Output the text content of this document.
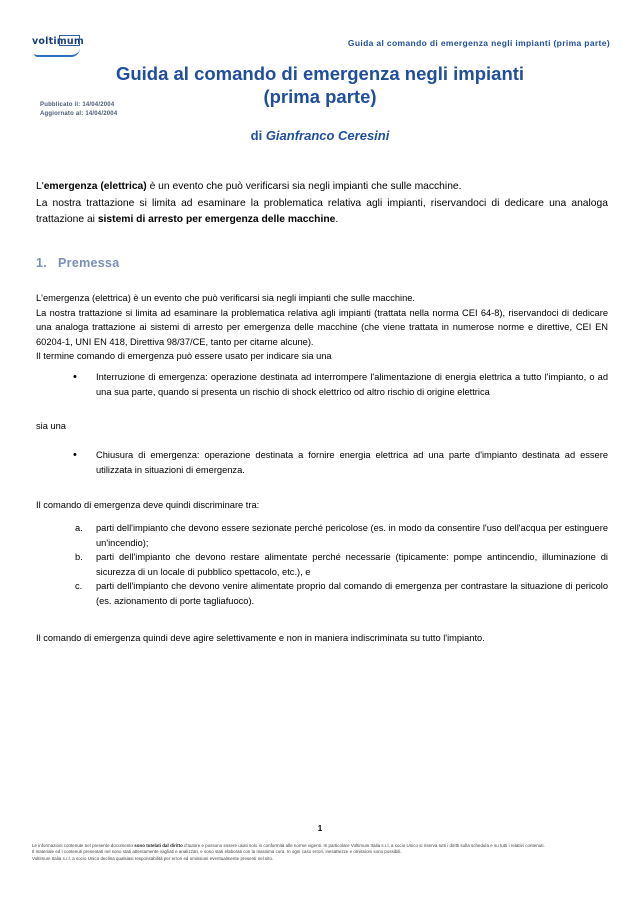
voltimum	Guida al comando di emergenza negli impianti (prima parte)
Guida al comando di emergenza negli impianti
(prima parte)
Pubblicato il: 14/04/2004
Aggiornato al: 14/04/2004
di Gianfranco Ceresini
L'emergenza (elettrica) è un evento che può verificarsi sia negli impianti che sulle macchine.
La nostra trattazione si limita ad esaminare la problematica relativa agli impianti, riservandoci di dedicare una analoga trattazione ai sistemi di arresto per emergenza delle macchine.
1. Premessa
L'emergenza (elettrica) è un evento che può verificarsi sia negli impianti che sulle macchine.
La nostra trattazione si limita ad esaminare la problematica relativa agli impianti (trattata nella norma CEI 64-8), riservandoci di dedicare una analoga trattazione ai sistemi di arresto per emergenza delle macchine (che viene trattata in numerose norme e direttive, CEI EN 60204-1, UNI EN 418, Direttiva 98/37/CE, tanto per citarne alcune).
Il termine comando di emergenza può essere usato per indicare sia una
• Interruzione di emergenza: operazione destinata ad interrompere l'alimentazione di energia elettrica a tutto l'impianto, o ad una sua parte, quando si presenta un rischio di shock elettrico od altro rischio di origine elettrica
sia una
• Chiusura di emergenza: operazione destinata a fornire energia elettrica ad una parte d'impianto destinata ad essere utilizzata in situazioni di emergenza.
Il comando di emergenza deve quindi discriminare tra:
a. parti dell'impianto che devono essere sezionate perché pericolose (es. in modo da consentire l'uso dell'acqua per estinguere un'incendio);
b. parti dell'impianto che devono restare alimentate perché necessarie (tipicamente: pompe antincendio, illuminazione di sicurezza di un locale di pubblico spettacolo, etc.), e
c. parti dell'impianto che devono venire alimentate proprio dal comando di emergenza per contrastare la situazione di pericolo (es. azionamento di porte tagliafuoco).
Il comando di emergenza quindi deve agire selettivamente e non in maniera indiscriminata su tutto l'impianto.
1
Le informazioni contenute nel presente documento sono tutelati dal diritto d'autore e possono essere usati solo in conformità alle norme vigenti. In particolare Voltimum Italia s.r.l. a socio Unico si riserva tutti i diritti sulla schedula e su tutti i relativi contenuti.
Il materiale ed i contenuti presentati nel sono stati attentamente vagliati e analizzati, e sono stati elaborati con la massima cura. In ogni caso errori, inesattezze e omissioni sono possibili.
Voltimum Italia s.r.l. a socio Unico declina qualsiasi responsabilità per errori ed omissioni eventualmente presenti nel sito.
